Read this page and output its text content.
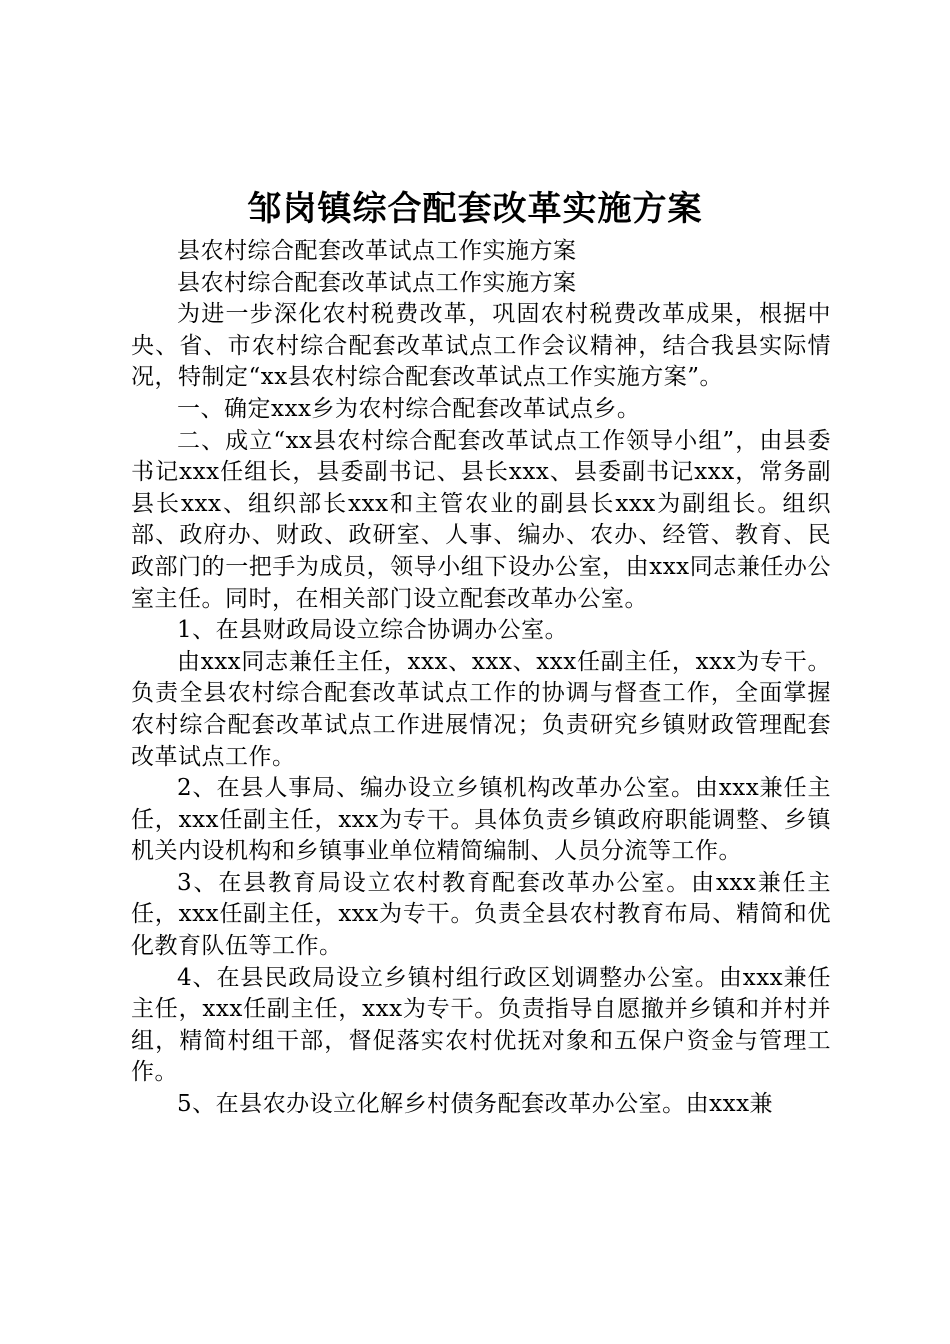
邹岗镇综合配套改革实施方案

县农村综合配套改革试点工作实施方案

县农村综合配套改革试点工作实施方案

为进一步深化农村税费改革，巩固农村税费改革成果，根据中央、省、市农村综合配套改革试点工作会议精神，结合我县实际情况，特制定“xx县农村综合配套改革试点工作实施方案”。

一、确定xxx乡为农村综合配套改革试点乡。

二、成立“xx县农村综合配套改革试点工作领导小组”，由县委书记xxx任组长，县委副书记、县长xxx、县委副书记xxx，常务副县长xxx、组织部长xxx和主管农业的副县长xxx为副组长。组织部、政府办、财政、政研室、人事、编办、农办、经管、教育、民政部门的一把手为成员，领导小组下设办公室，由xxx同志兼任办公室主任。同时，在相关部门设立配套改革办公室。

1、在县财政局设立综合协调办公室。

由xxx同志兼任主任，xxx、xxx、xxx任副主任，xxx为专干。负责全县农村综合配套改革试点工作的协调与督查工作，全面掌握农村综合配套改革试点工作进展情况；负责研究乡镇财政管理配套改革试点工作。

2、在县人事局、编办设立乡镇机构改革办公室。由xxx兼任主任，xxx任副主任，xxx为专干。具体负责乡镇政府职能调整、乡镇机关内设机构和乡镇事业单位精简编制、人员分流等工作。

3、在县教育局设立农村教育配套改革办公室。由xxx兼任主任，xxx任副主任，xxx为专干。负责全县农村教育布局、精简和优化教育队伍等工作。

4、在县民政局设立乡镇村组行政区划调整办公室。由xxx兼任主任，xxx任副主任，xxx为专干。负责指导自愿撤并乡镇和并村并组，精简村组干部，督促落实农村优抚对象和五保户资金与管理工作。

5、在县农办设立化解乡村债务配套改革办公室。由xxx兼
